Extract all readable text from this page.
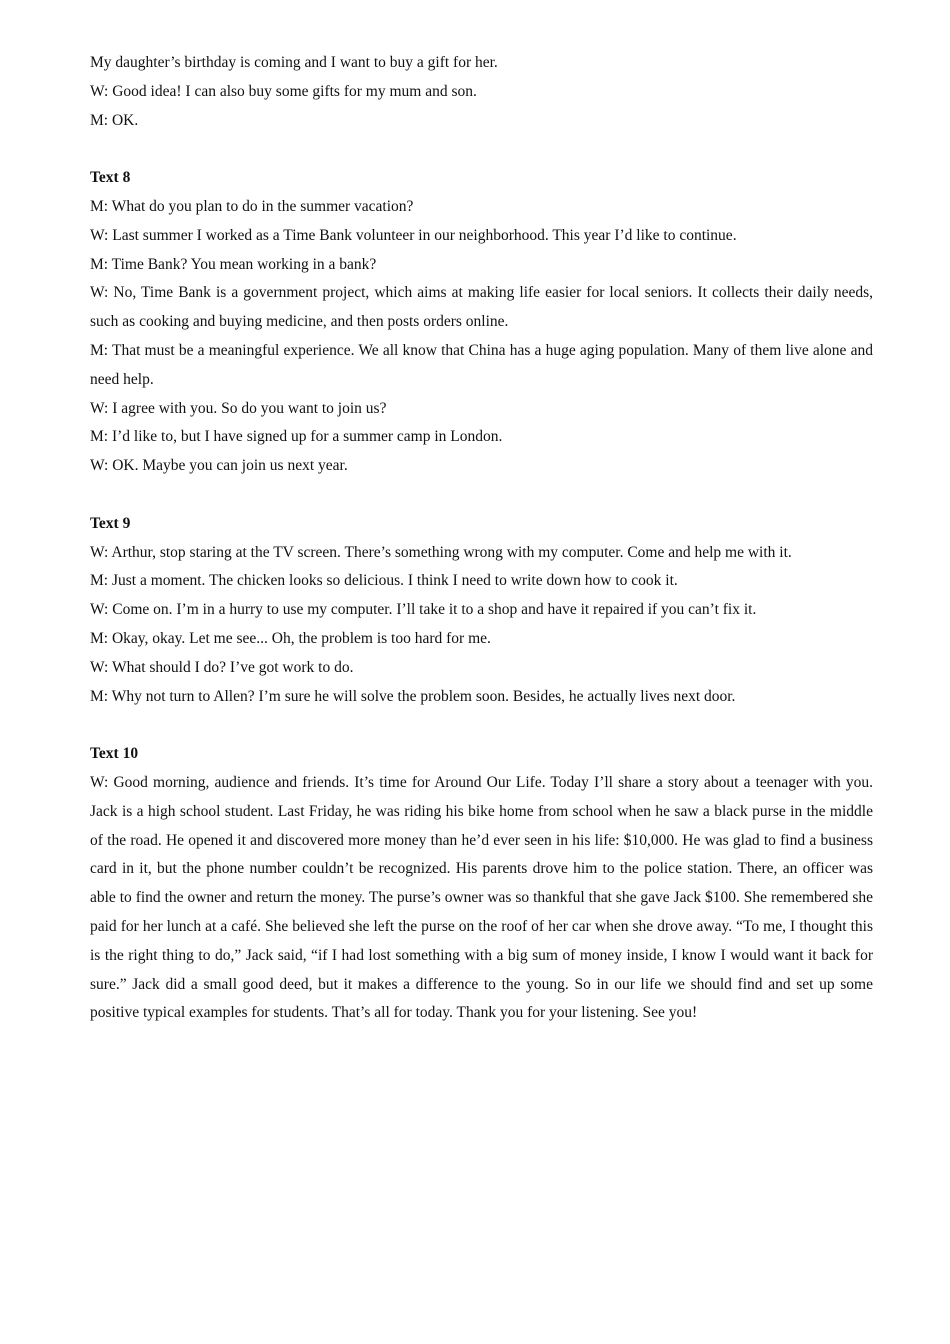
My daughter’s birthday is coming and I want to buy a gift for her.

W: Good idea! I can also buy some gifts for my mum and son.

M: OK.

Text 8

M: What do you plan to do in the summer vacation?

W: Last summer I worked as a Time Bank volunteer in our neighborhood. This year I’d like to continue.

M: Time Bank? You mean working in a bank?

W: No, Time Bank is a government project, which aims at making life easier for local seniors. It collects their daily needs, such as cooking and buying medicine, and then posts orders online.

M: That must be a meaningful experience. We all know that China has a huge aging population. Many of them live alone and need help.

W: I agree with you. So do you want to join us?

M: I’d like to, but I have signed up for a summer camp in London.

W: OK. Maybe you can join us next year.

Text 9

W: Arthur, stop staring at the TV screen. There’s something wrong with my computer. Come and help me with it.

M: Just a moment. The chicken looks so delicious. I think I need to write down how to cook it.

W: Come on. I’m in a hurry to use my computer. I’ll take it to a shop and have it repaired if you can’t fix it.

M: Okay, okay. Let me see... Oh, the problem is too hard for me.

W: What should I do? I’ve got work to do.

M: Why not turn to Allen? I’m sure he will solve the problem soon. Besides, he actually lives next door.

Text 10

W: Good morning, audience and friends. It’s time for Around Our Life. Today I’ll share a story about a teenager with you. Jack is a high school student. Last Friday, he was riding his bike home from school when he saw a black purse in the middle of the road. He opened it and discovered more money than he’d ever seen in his life: $10,000. He was glad to find a business card in it, but the phone number couldn’t be recognized. His parents drove him to the police station. There, an officer was able to find the owner and return the money. The purse’s owner was so thankful that she gave Jack $100. She remembered she paid for her lunch at a café. She believed she left the purse on the roof of her car when she drove away. “To me, I thought this is the right thing to do,” Jack said, “if I had lost something with a big sum of money inside, I know I would want it back for sure.” Jack did a small good deed, but it makes a difference to the young. So in our life we should find and set up some positive typical examples for students. That’s all for today. Thank you for your listening. See you!
